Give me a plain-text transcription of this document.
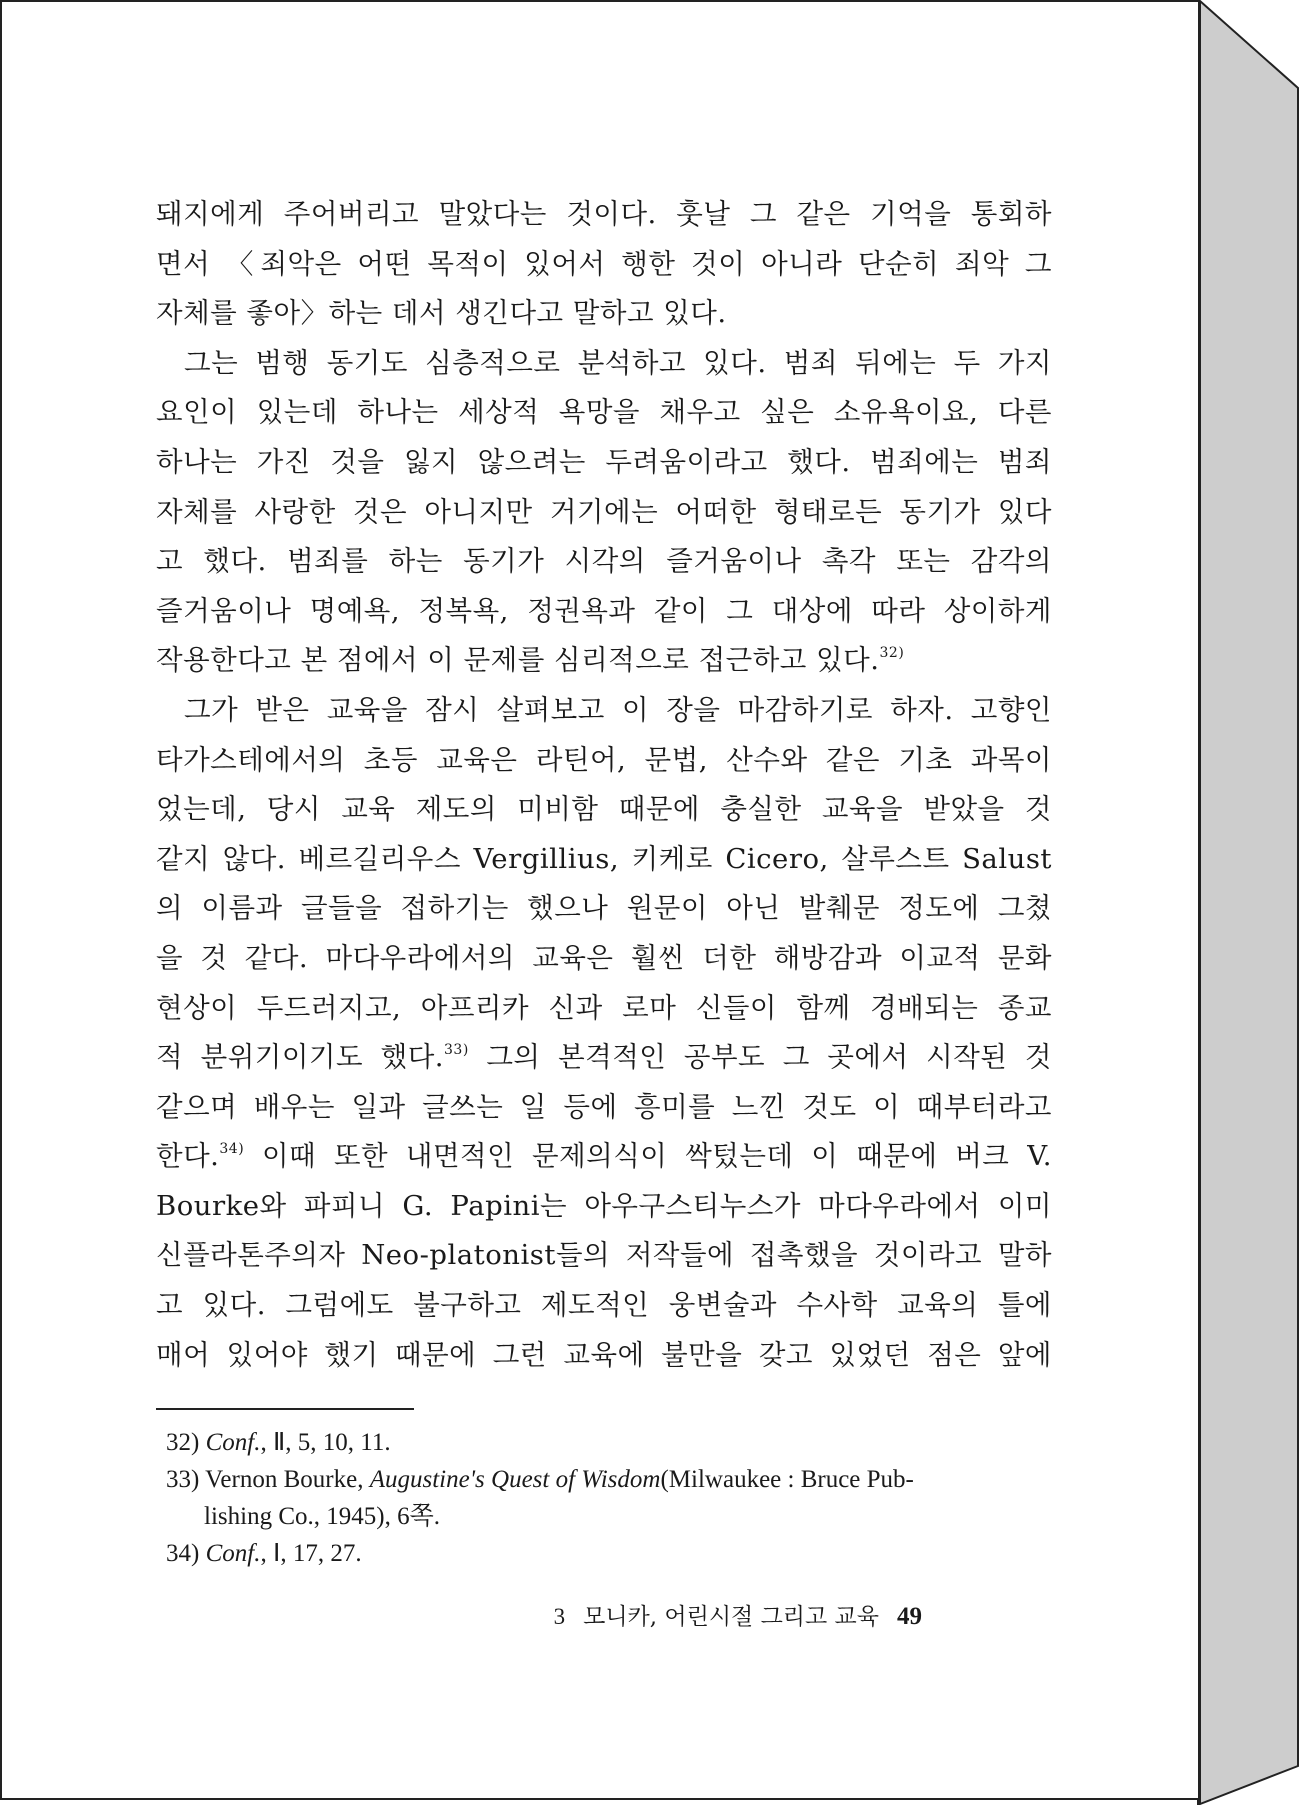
돼지에게 주어버리고 말았다는 것이다. 훗날 그 같은 기억을 통회하
면서 〈죄악은 어떤 목적이 있어서 행한 것이 아니라 단순히 죄악 그
자체를 좋아〉하는 데서 생긴다고 말하고 있다.
그는 범행 동기도 심층적으로 분석하고 있다. 범죄 뒤에는 두 가지
요인이 있는데 하나는 세상적 욕망을 채우고 싶은 소유욕이요, 다른
하나는 가진 것을 잃지 않으려는 두려움이라고 했다. 범죄에는 범죄
자체를 사랑한 것은 아니지만 거기에는 어떠한 형태로든 동기가 있다
고 했다. 범죄를 하는 동기가 시각의 즐거움이나 촉각 또는 감각의
즐거움이나 명예욕, 정복욕, 정권욕과 같이 그 대상에 따라 상이하게
작용한다고 본 점에서 이 문제를 심리적으로 접근하고 있다.$^{32)}$
그가 받은 교육을 잠시 살펴보고 이 장을 마감하기로 하자. 고향인
타가스테에서의 초등 교육은 라틴어, 문법, 산수와 같은 기초 과목이
었는데, 당시 교육 제도의 미비함 때문에 충실한 교육을 받았을 것
같지 않다. 베르길리우스 Vergillius, 키케로 Cicero, 살루스트 Salust
의 이름과 글들을 접하기는 했으나 원문이 아닌 발췌문 정도에 그쳤
을 것 같다. 마다우라에서의 교육은 훨씬 더한 해방감과 이교적 문화
현상이 두드러지고, 아프리카 신과 로마 신들이 함께 경배되는 종교
적 분위기이기도 했다.$^{33)}$ 그의 본격적인 공부도 그 곳에서 시작된 것
같으며 배우는 일과 글쓰는 일 등에 흥미를 느낀 것도 이 때부터라고
한다.$^{34)}$ 이때 또한 내면적인 문제의식이 싹텄는데 이 때문에 버크 V.
Bourke와 파피니 G. Papini는 아우구스티누스가 마다우라에서 이미
신플라톤주의자 Neo-platonist들의 저작들에 접촉했을 것이라고 말하
고 있다. 그럼에도 불구하고 제도적인 웅변술과 수사학 교육의 틀에
매어 있어야 했기 때문에 그런 교육에 불만을 갖고 있었던 점은 앞에
32) Conf., Ⅱ, 5, 10, 11.
33) Vernon Bourke, Augustine's Quest of Wisdom(Milwaukee : Bruce Pub-
lishing Co., 1945), 6쪽.
34) Conf., Ⅰ, 17, 27.
3 모니카, 어린시절 그리고 교육 49
